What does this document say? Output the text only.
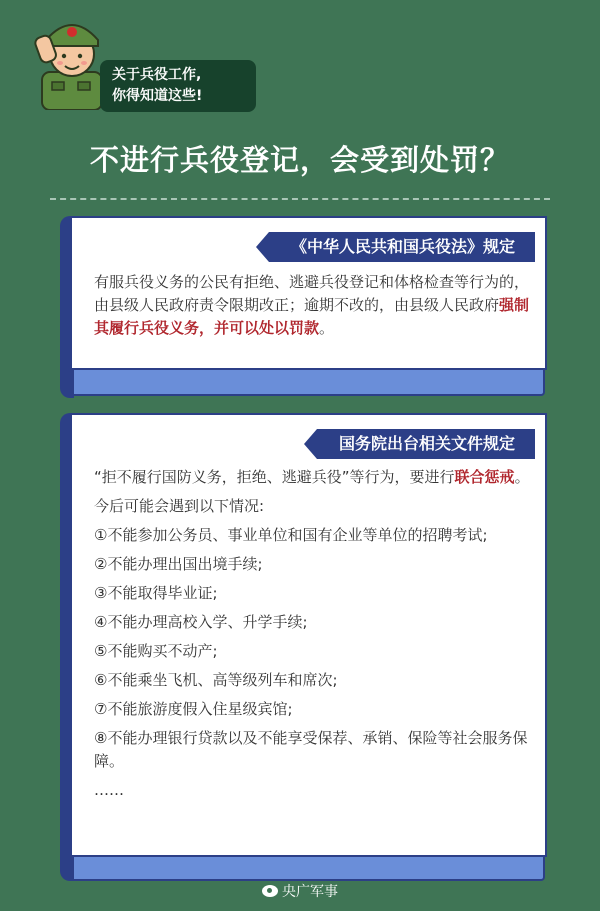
关于兵役工作,
你得知道这些!
不进行兵役登记，会受到处罚？
《中华人民共和国兵役法》规定
有服兵役义务的公民有拒绝、逃避兵役登记和体格检查等行为的，由县级人民政府责令限期改正；逾期不改的，由县级人民政府强制其履行兵役义务，并可以处以罚款。
国务院出台相关文件规定
“拒不履行国防义务，拒绝、逃避兵役”等行为，要进行联合惩戒。
今后可能会遇到以下情况:
①不能参加公务员、事业单位和国有企业等单位的招聘考试;
②不能办理出国出境手续;
③不能取得毕业证;
④不能办理高校入学、升学手续;
⑤不能购买不动产;
⑥不能乘坐飞机、高等级列车和席次;
⑦不能旅游度假入住星级宾馆;
⑧不能办理银行贷款以及不能享受保荐、承销、保险等社会服务保障。
……
央广军事
